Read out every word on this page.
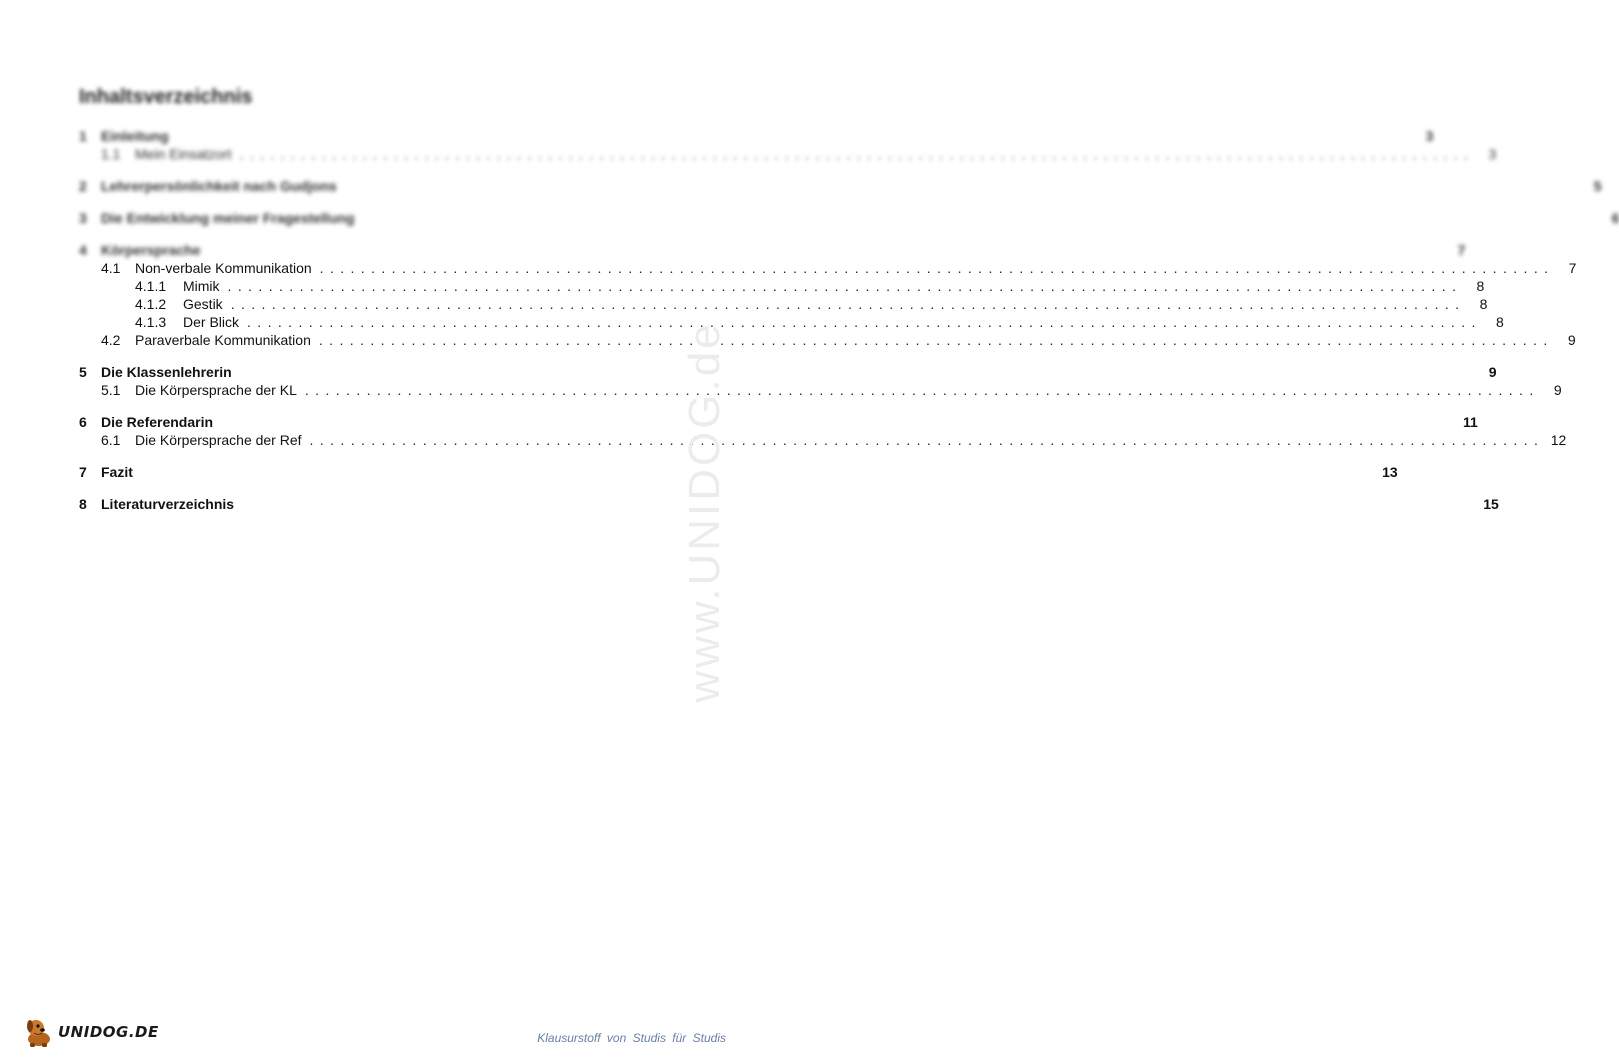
Inhaltsverzeichnis
1	Einleitung	3
1.1	Mein Einsatzort ........................................................................................................................	3
2	Lehrerpersönlichkeit nach Gudjons	5
3	Die Entwicklung meiner Fragestellung	6
4	Körpersprache	7
4.1	Non-verbale Kommunikation ........................................................................................................................	7
4.1.1	Mimik ........................................................................................................................	8
4.1.2	Gestik ........................................................................................................................	8
4.1.3	Der Blick ........................................................................................................................	8
4.2	Paraverbale Kommunikation ........................................................................................................................	9
5	Die Klassenlehrerin	9
5.1	Die Körpersprache der KL ........................................................................................................................	9
6	Die Referendarin	11
6.1	Die Körpersprache der Ref ........................................................................................................................ 12
7	Fazit	13
8	Literaturverzeichnis	15
www.UNIDOG.de
UNIDOG.DE	Klausurstoff von Studis für Studis
